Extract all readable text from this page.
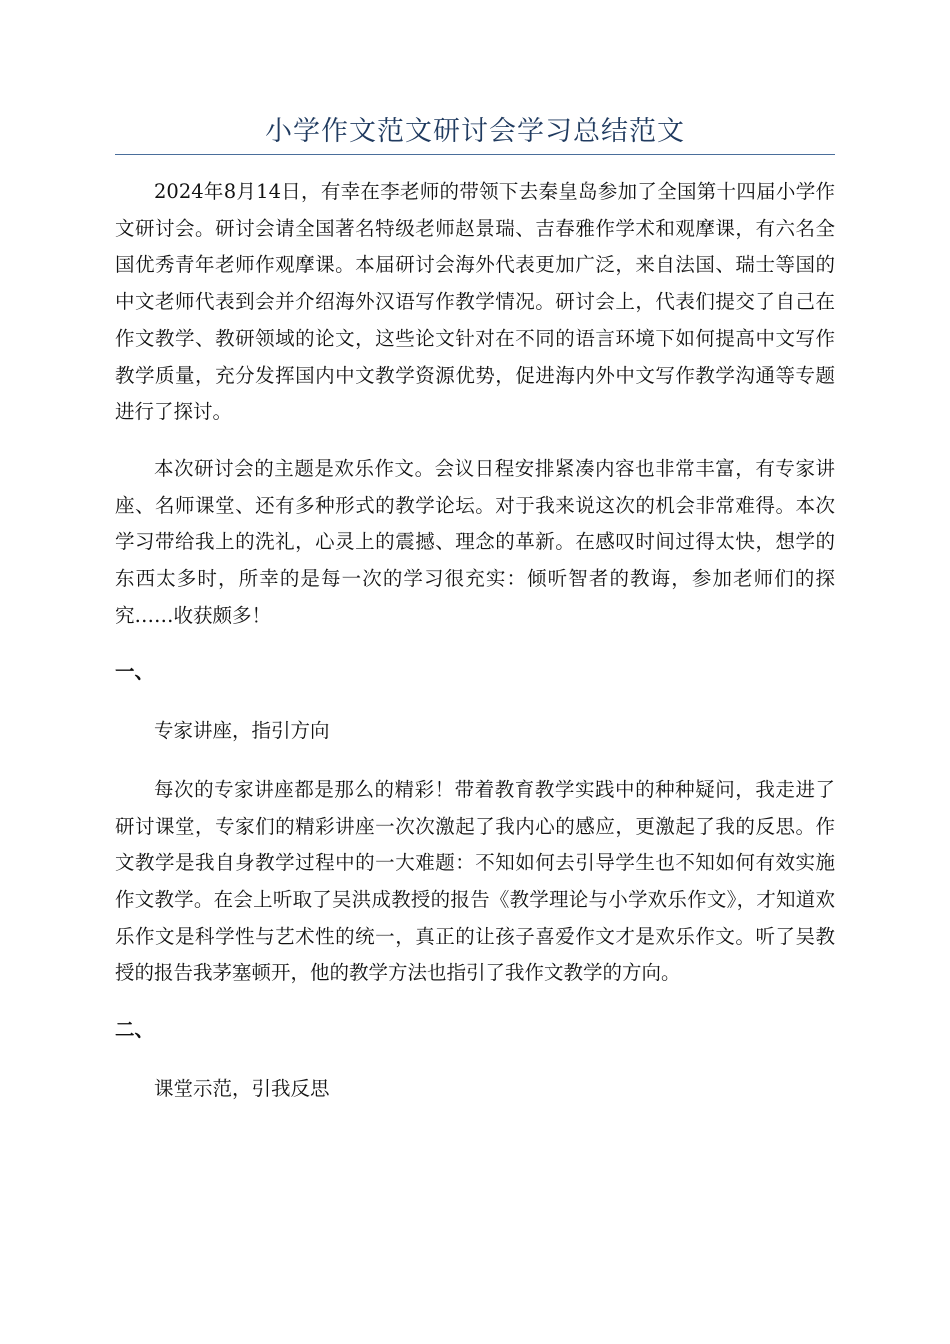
小学作文范文研讨会学习总结范文

2024年8月14日，有幸在李老师的带领下去秦皇岛参加了全国第十四届小学作文研讨会。研讨会请全国著名特级老师赵景瑞、吉春雅作学术和观摩课，有六名全国优秀青年老师作观摩课。本届研讨会海外代表更加广泛，来自法国、瑞士等国的中文老师代表到会并介绍海外汉语写作教学情况。研讨会上，代表们提交了自己在作文教学、教研领域的论文，这些论文针对在不同的语言环境下如何提高中文写作教学质量，充分发挥国内中文教学资源优势，促进海内外中文写作教学沟通等专题进行了探讨。

本次研讨会的主题是欢乐作文。会议日程安排紧凑内容也非常丰富，有专家讲座、名师课堂、还有多种形式的教学论坛。对于我来说这次的机会非常难得。本次学习带给我上的洗礼，心灵上的震撼、理念的革新。在感叹时间过得太快，想学的东西太多时，所幸的是每一次的学习很充实：倾听智者的教诲，参加老师们的探究……收获颇多！

一、

专家讲座，指引方向

每次的专家讲座都是那么的精彩！带着教育教学实践中的种种疑问，我走进了研讨课堂，专家们的精彩讲座一次次激起了我内心的感应，更激起了我的反思。作文教学是我自身教学过程中的一大难题：不知如何去引导学生也不知如何有效实施作文教学。在会上听取了吴洪成教授的报告《教学理论与小学欢乐作文》，才知道欢乐作文是科学性与艺术性的统一，真正的让孩子喜爱作文才是欢乐作文。听了吴教授的报告我茅塞顿开，他的教学方法也指引了我作文教学的方向。

二、

课堂示范，引我反思
